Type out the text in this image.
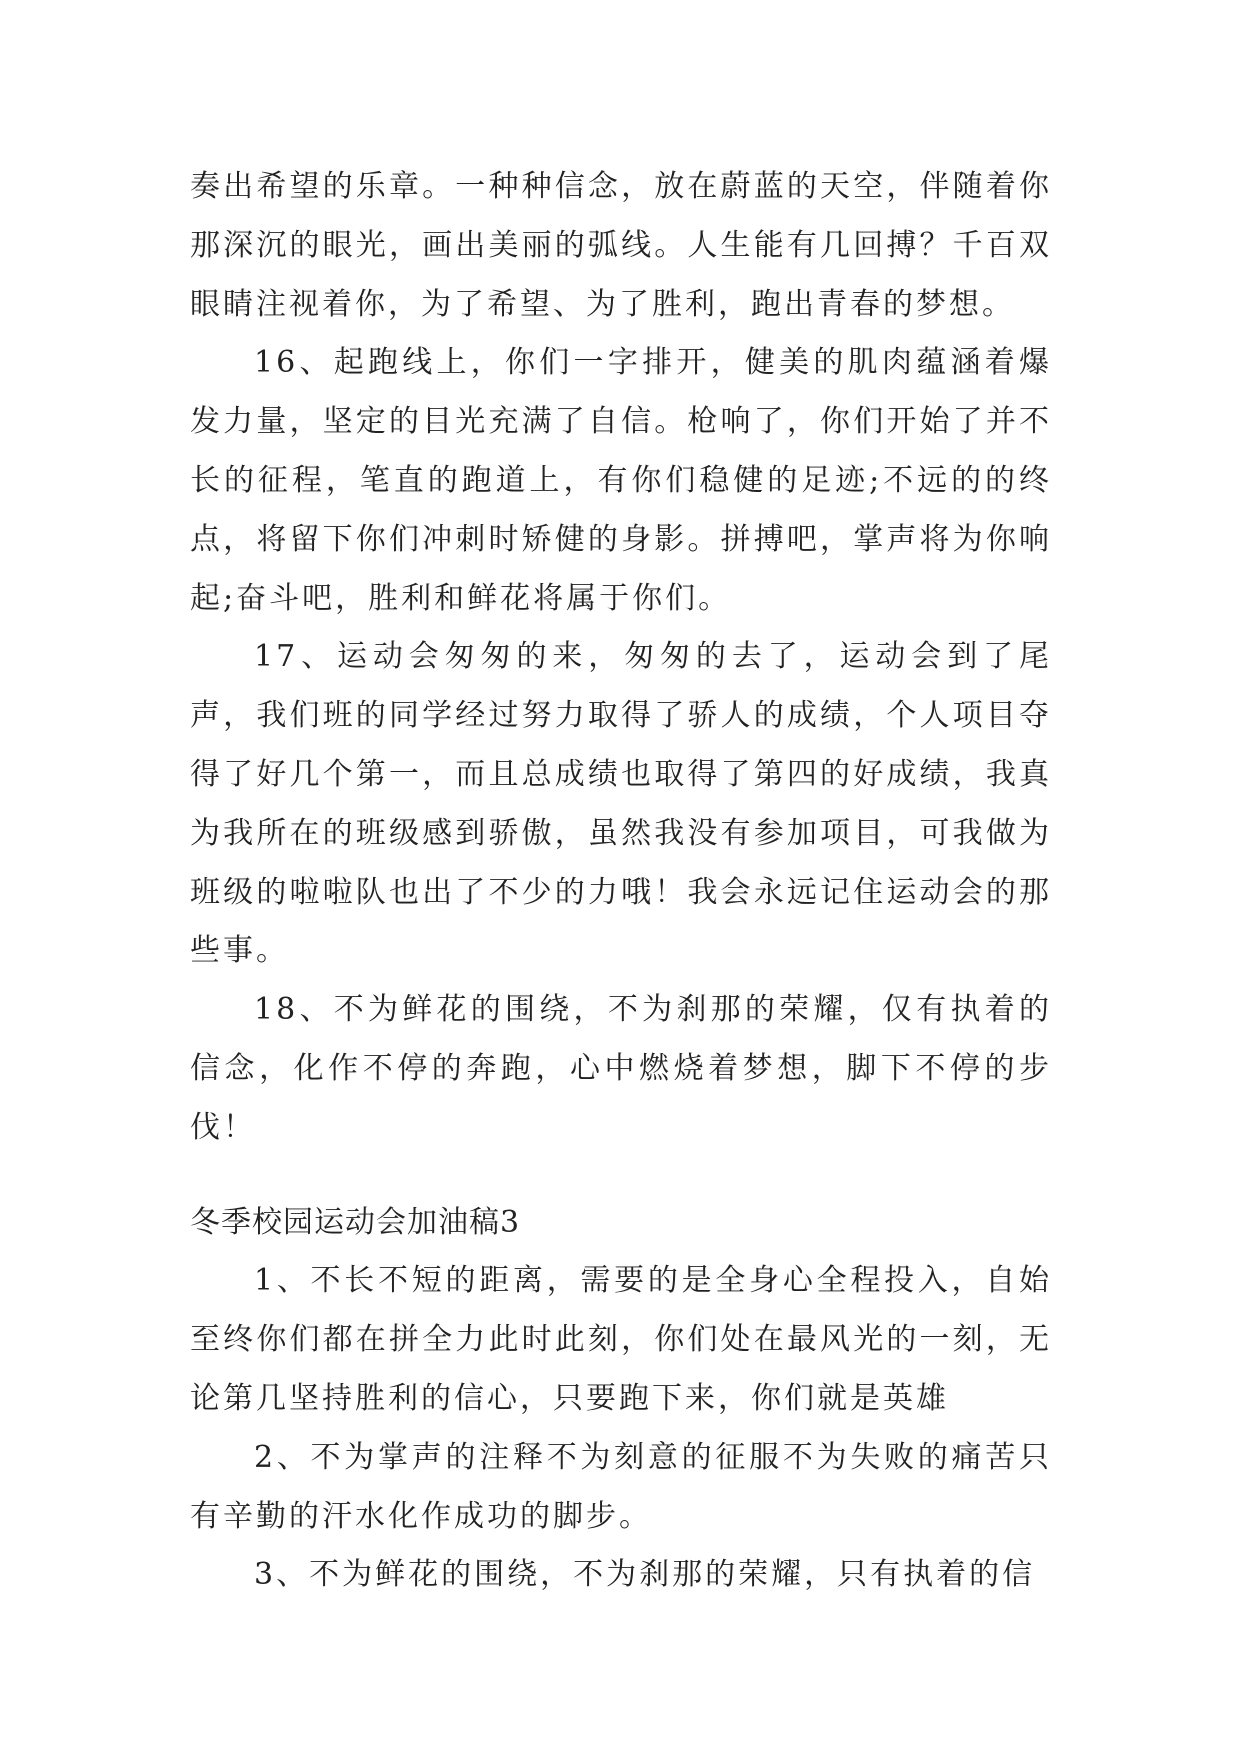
奏出希望的乐章。一种种信念，放在蔚蓝的天空，伴随着你那深沉的眼光，画出美丽的弧线。人生能有几回搏？千百双眼睛注视着你，为了希望、为了胜利，跑出青春的梦想。

16、起跑线上，你们一字排开，健美的肌肉蕴涵着爆发力量，坚定的目光充满了自信。枪响了，你们开始了并不长的征程，笔直的跑道上，有你们稳健的足迹;不远的的终点，将留下你们冲刺时矫健的身影。拼搏吧，掌声将为你响起;奋斗吧，胜利和鲜花将属于你们。

17、运动会匆匆的来，匆匆的去了，运动会到了尾声，我们班的同学经过努力取得了骄人的成绩，个人项目夺得了好几个第一，而且总成绩也取得了第四的好成绩，我真为我所在的班级感到骄傲，虽然我没有参加项目，可我做为班级的啦啦队也出了不少的力哦！我会永远记住运动会的那些事。

18、不为鲜花的围绕，不为刹那的荣耀，仅有执着的信念，化作不停的奔跑，心中燃烧着梦想，脚下不停的步伐！

冬季校园运动会加油稿3

1、不长不短的距离，需要的是全身心全程投入，自始至终你们都在拼全力此时此刻，你们处在最风光的一刻，无论第几坚持胜利的信心，只要跑下来，你们就是英雄

2、不为掌声的注释不为刻意的征服不为失败的痛苦只有辛勤的汗水化作成功的脚步。

3、不为鲜花的围绕，不为刹那的荣耀，只有执着的信
